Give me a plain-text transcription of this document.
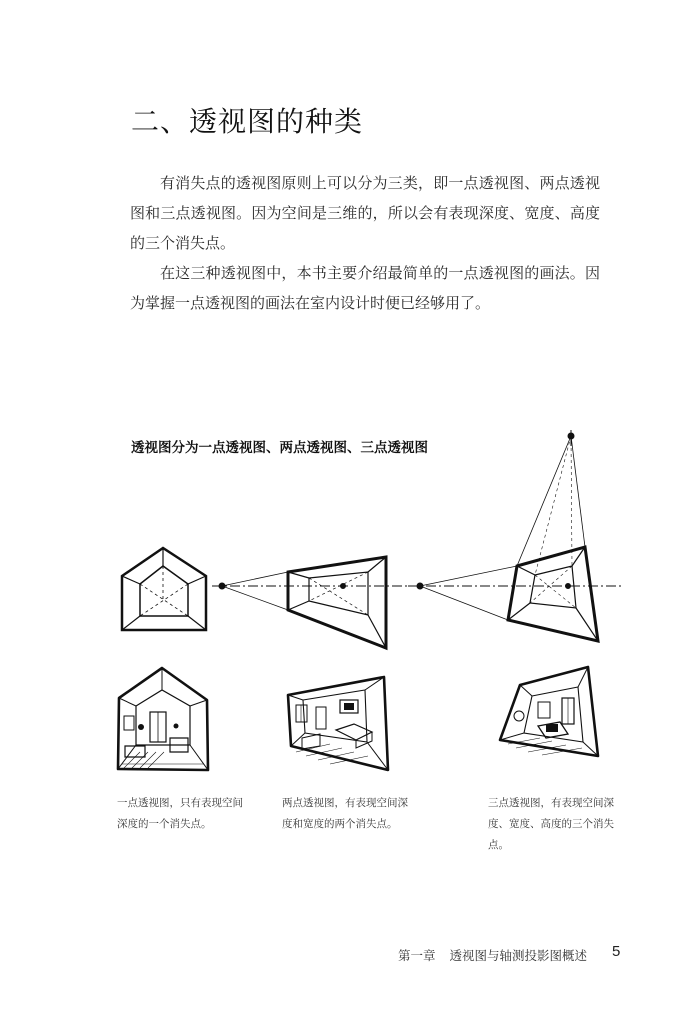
二、透视图的种类
有消失点的透视图原则上可以分为三类，即一点透视图、两点透视图和三点透视图。因为空间是三维的，所以会有表现深度、宽度、高度的三个消失点。
在这三种透视图中，本书主要介绍最简单的一点透视图的画法。因为掌握一点透视图的画法在室内设计时便已经够用了。
透视图分为一点透视图、两点透视图、三点透视图
一点透视图，只有表现空间深度的一个消失点。
两点透视图，有表现空间深度和宽度的两个消失点。
三点透视图，有表现空间深度、宽度、高度的三个消失点。
第一章 透视图与轴测投影图概述	5
